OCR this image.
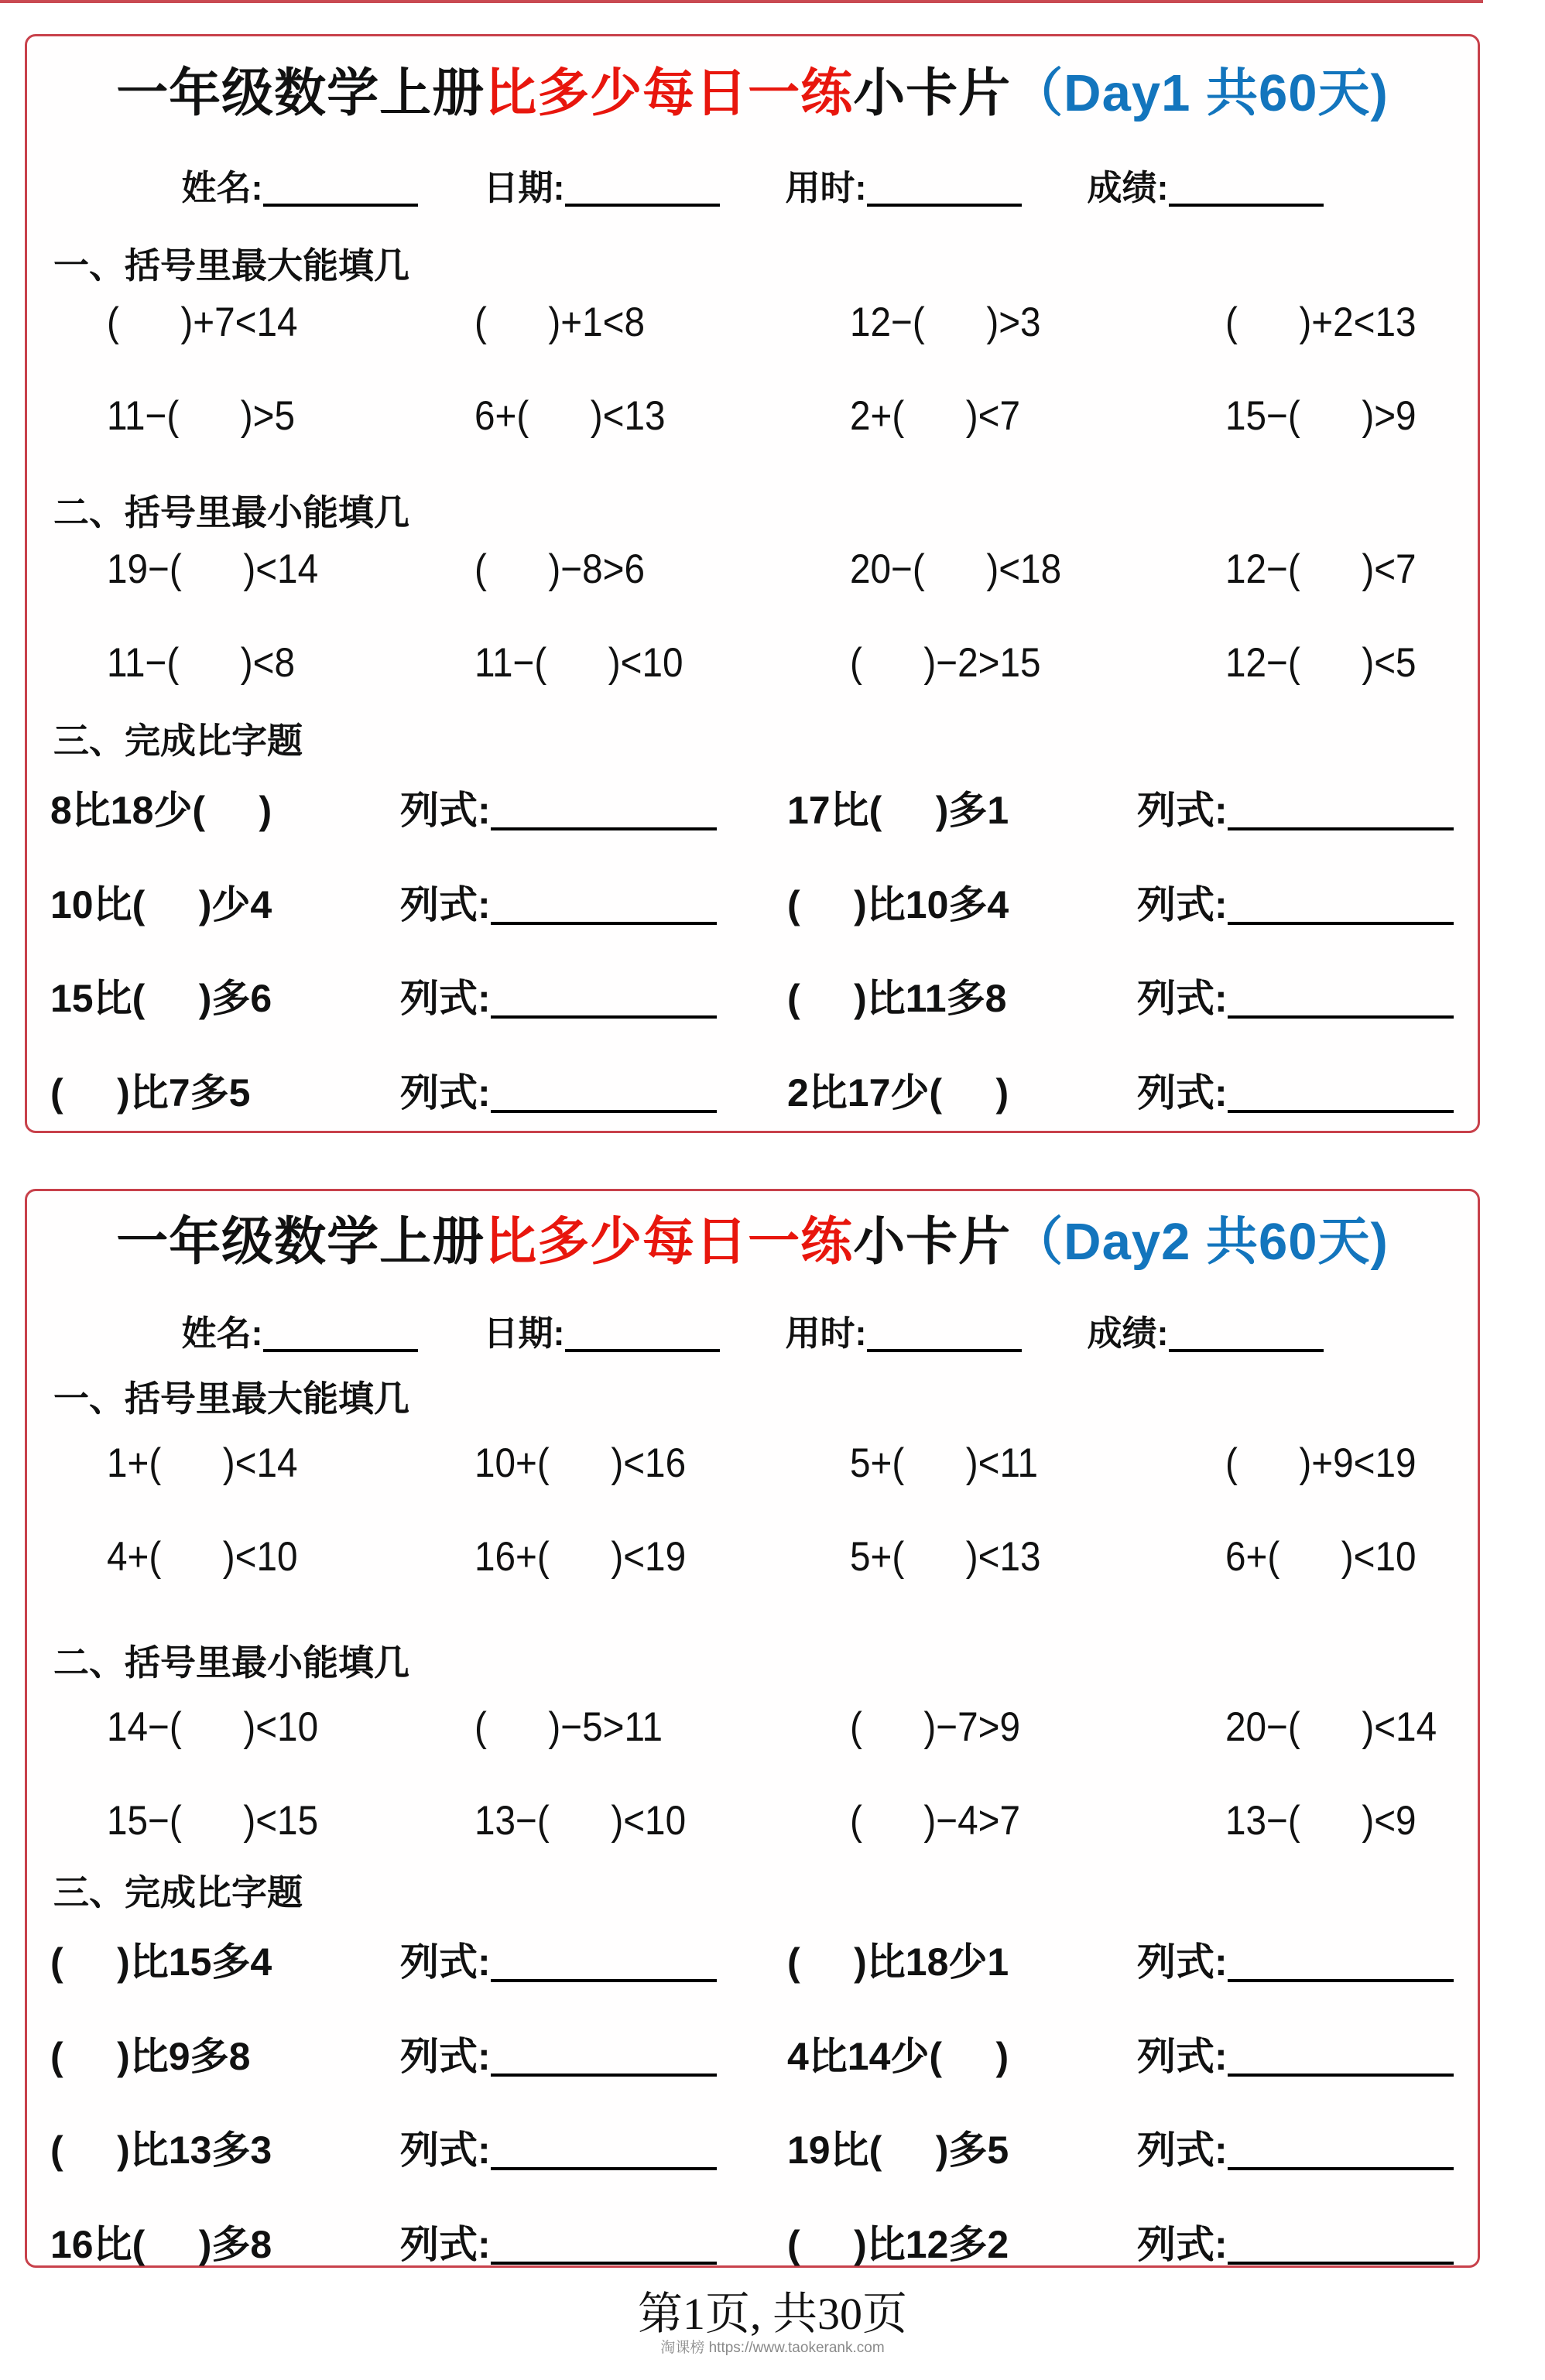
一年级数学上册比多少每日一练小卡片（Day1 共60天)
姓名:	日期:	用时:	成绩:
一、括号里最大能填几
(      )+7<14	(      )+1<8	12−(      )>3	(      )+2<13
11−(      )>5	6+(      )<13	2+(      )<7	15−(      )>9
二、括号里最小能填几
19−(      )<14	(      )−8>6	20−(      )<18	12−(      )<7
11−(      )<8	11−(      )<10	(      )−2>15	12−(      )<5
三、完成比字题
8比18少(     )	列式:	17比(     )多1	列式:
10比(     )少4	列式:	(     )比10多4	列式:
15比(     )多6	列式:	(     )比11多8	列式:
(     )比7多5	列式:	2比17少(     )	列式:
一年级数学上册比多少每日一练小卡片（Day2 共60天)
姓名:	日期:	用时:	成绩:
一、括号里最大能填几
1+(      )<14	10+(      )<16	5+(      )<11	(      )+9<19
4+(      )<10	16+(      )<19	5+(      )<13	6+(      )<10
二、括号里最小能填几
14−(      )<10	(      )−5>11	(      )−7>9	20−(      )<14
15−(      )<15	13−(      )<10	(      )−4>7	13−(      )<9
三、完成比字题
(     )比15多4	列式:	(     )比18少1	列式:
(     )比9多8	列式:	4比14少(     )	列式:
(     )比13多3	列式:	19比(     )多5	列式:
16比(     )多8	列式:	(     )比12多2	列式:
第1页, 共30页
淘课榜 https://www.taokerank.com
